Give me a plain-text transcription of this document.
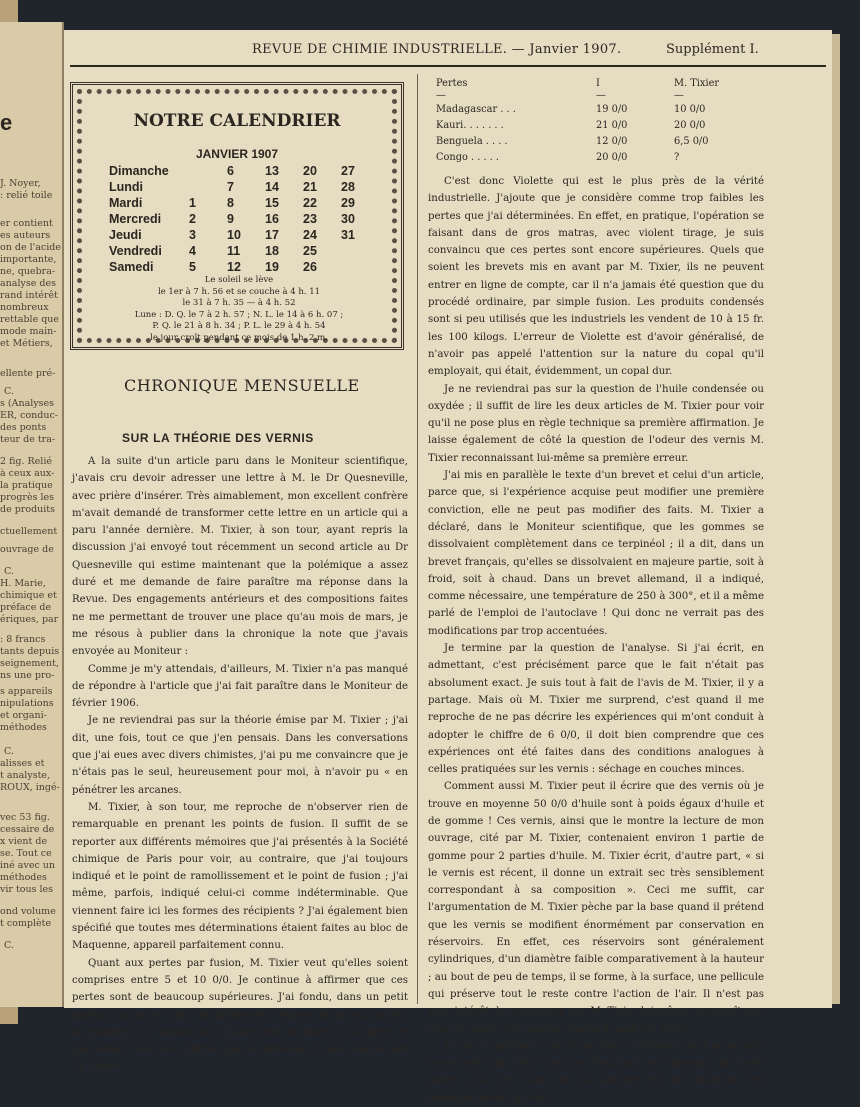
e
J. Noyer,
: relié toile
er contient
es auteurs
on de l'acide
importante,
ne, quebra-
analyse des
rand intérêt
nombreux
rettable que
mode main-
et Métiers,
ellente pré-
C.
s (Analyses
ER, conduc-
des ponts
teur de tra-
2 fig. Relié
à ceux aux-
la pratique
progrès les
de produits
ctuellement
ouvrage de
C.
H. Marie,
chimique et
préface de
ériques, par
: 8 francs
tants depuis
seignement,
ns une pro-
s appareils
nipulations
et organi-
méthodes
C.
alisses et
t analyste,
ROUX, ingé-
vec 53 fig.
cessaire de
x vient de
se. Tout ce
iné avec un
méthodes
vir tous les
ond volume
t complète
C.
REVUE DE CHIMIE INDUSTRIELLE. — Janvier 1907.	Supplément I.
NOTRE CALENDRIER
JANVIER 1907
Dimanche		6	13	20	27
Lundi		7	14	21	28
Mardi	1	8	15	22	29
Mercredi	2	9	16	23	30
Jeudi	3	10	17	24	31
Vendredi	4	11	18	25	
Samedi	5	12	19	26	
Le soleil se lève
le 1er à 7 h. 56 et se couche à 4 h. 11
le 31 à 7 h. 35 — à 4 h. 52
Lune : D. Q. le 7 à 2 h. 57 ; N. L. le 14 à 6 h. 07 ;
P. Q. le 21 à 8 h. 34 ; P. L. le 29 à 4 h. 54
le jour croît pendant ce mois de 1 h. 2 m.
CHRONIQUE MENSUELLE
SUR LA THÉORIE DES VERNIS

A la suite d'un article paru dans le Moniteur scientifique, j'avais cru devoir adresser une lettre à M. le Dr Quesneville, avec prière d'insérer. Très aimablement, mon excellent confrère m'avait demandé de transformer cette lettre en un article qui a paru l'année dernière. M. Tixier, à son tour, ayant repris la discussion j'ai envoyé tout récemment un second article au Dr Quesneville qui estime maintenant que la polémique a assez duré et me demande de faire paraître ma réponse dans la Revue. Des engagements antérieurs et des compositions faites ne me permettant de trouver une place qu'au mois de mars, je me résous à publier dans la chronique la note que j'avais envoyée au Moniteur :

Comme je m'y attendais, d'ailleurs, M. Tixier n'a pas manqué de répondre à l'article que j'ai fait paraître dans le Moniteur de février 1906.

Je ne reviendrai pas sur la théorie émise par M. Tixier ; j'ai dit, une fois, tout ce que j'en pensais. Dans les conversations que j'ai eues avec divers chimistes, j'ai pu me convaincre que je n'étais pas le seul, heureusement pour moi, à n'avoir pu « en pénétrer les arcanes.

M. Tixier, à son tour, me reproche de n'observer rien de remarquable en prenant les points de fusion. Il suffit de se reporter aux différents mémoires que j'ai présentés à la Société chimique de Paris pour voir, au contraire, que j'ai toujours indiqué et le point de ramollissement et le point de fusion ; j'ai même, parfois, indiqué celui-ci comme indéterminable. Que viennent faire ici les formes des récipients ? J'ai également bien spécifié que toutes mes déterminations étaient faites au bloc de Maquenne, appareil parfaitement connu.

Quant aux pertes par fusion, M. Tixier veut qu'elles soient comprises entre 5 et 10 0/0. Je continue à affirmer que ces pertes sont de beaucoup supérieures. J'ai fondu, dans un petit matras, un poids connu de différentes résines. Je me suis arrêté au moment où l'adjonction d'huile peut se faire et j'ai pesé ce qui restait. Voici les chiffres que j'ai obtenus et ceux donnés par M. Tixier :

Pertes	I	M. Tixier
—	—	—
Madagascar . . .	19 0/0	10 0/0
Kauri. . . . . . .	21 0/0	20 0/0
Benguela . . . .	12 0/0	6,5 0/0
Congo . . . . .	20 0/0	?

C'est donc Violette qui est le plus près de la vérité industrielle. J'ajoute que je considère comme trop faibles les pertes que j'ai déterminées. En effet, en pratique, l'opération se faisant dans de gros matras, avec violent tirage, je suis convaincu que ces pertes sont encore supérieures. Quels que soient les brevets mis en avant par M. Tixier, ils ne peuvent entrer en ligne de compte, car il n'a jamais été question que du procédé ordinaire, par simple fusion. Les produits condensés sont si peu utilisés que les industriels les vendent de 10 à 15 fr. les 100 kilogs. L'erreur de Violette est d'avoir généralisé, de n'avoir pas appelé l'attention sur la nature du copal qu'il employait, qui était, évidemment, un copal dur.

Je ne reviendrai pas sur la question de l'huile condensée ou oxydée ; il suffit de lire les deux articles de M. Tixier pour voir qu'il ne pose plus en règle technique sa première affirmation. Je laisse également de côté la question de l'odeur des vernis M. Tixier reconnaissant lui-même sa première erreur.

J'ai mis en parallèle le texte d'un brevet et celui d'un article, parce que, si l'expérience acquise peut modifier une première conviction, elle ne peut pas modifier des faits. M. Tixier a déclaré, dans le Moniteur scientifique, que les gommes se dissolvaient complètement dans ce terpinéol ; il a dit, dans un brevet français, qu'elles se dissolvaient en majeure partie, soit à froid, soit à chaud. Dans un brevet allemand, il a indiqué, comme nécessaire, une température de 250 à 300°, et il a même parlé de l'emploi de l'autoclave ! Qui donc ne verrait pas des modifications par trop accentuées.

Je termine par la question de l'analyse. Si j'ai écrit, en admettant, c'est précisément parce que le fait n'était pas absolument exact. Je suis tout à fait de l'avis de M. Tixier, il y a partage. Mais où M. Tixier me surprend, c'est quand il me reproche de ne pas décrire les expériences qui m'ont conduit à adopter le chiffre de 6 0/0, il doit bien comprendre que ces expériences ont été faites dans des conditions analogues à celles pratiquées sur les vernis : séchage en couches minces.

Comment aussi M. Tixier peut il écrire que des vernis où je trouve en moyenne 50 0/0 d'huile sont à poids égaux d'huile et de gomme ! Ces vernis, ainsi que le montre la lecture de mon ouvrage, cité par M. Tixier, contenaient environ 1 partie de gomme pour 2 parties d'huile. M. Tixier écrit, d'autre part, « si le vernis est récent, il donne un extrait sec très sensiblement correspondant à sa composition ». Ceci me suffit, car l'argumentation de M. Tixier pèche par la base quand il prétend que les vernis se modifient énormément par conservation en réservoirs. En effet, ces réservoirs sont généralement cylindriques, d'un diamètre faible comparativement à la hauteur ; au bout de peu de temps, il se forme, à la surface, une pellicule qui préserve tout le reste contre l'action de l'air. Il n'est pas sans intérêt de remarquer que M. Tixier lui-même reconnaît que plus la couche est épaisse, moins le gain est élevé.

Je suis le premier à déclarer que la méthode dont je me suis servie est loin d'être précise. Pourtant, en l'absence de toute autre, j'ai cru bon de la décrire et de montrer les renseignements qu'elle
